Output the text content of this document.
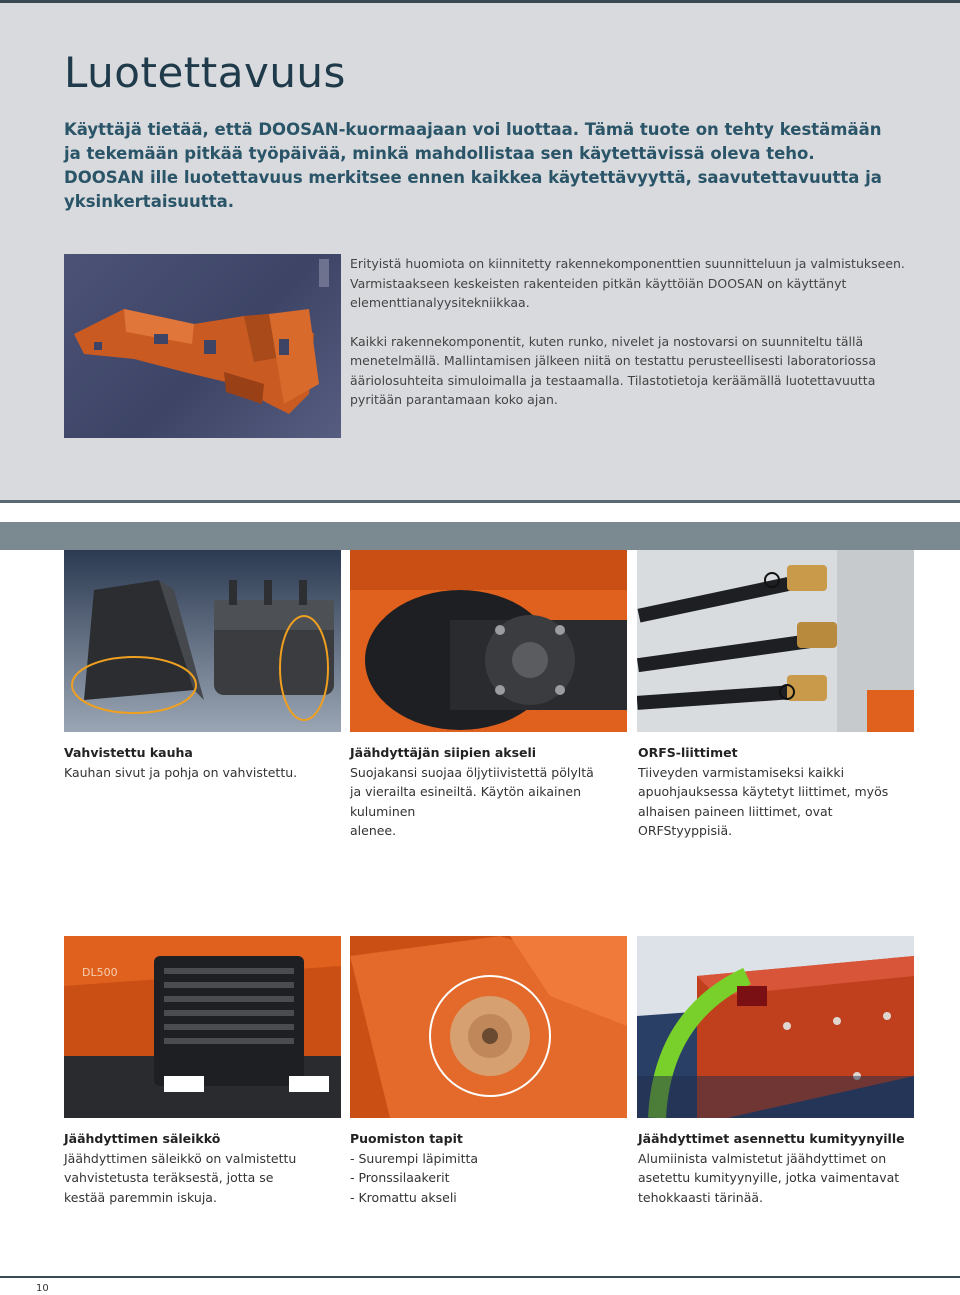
Luotettavuus

Käyttäjä tietää, että DOOSAN-kuormaajaan voi luottaa. Tämä tuote on tehty kestämään ja tekemään pitkää työpäivää, minkä mahdollistaa sen käytettävissä oleva teho. DOOSAN ille luotettavuus merkitsee ennen kaikkea käytettävyyttä, saavutettavuutta ja yksinkertaisuutta.

Erityistä huomiota on kiinnitetty rakennekomponenttien suunnitteluun ja valmistukseen. Varmistaakseen keskeisten rakenteiden pitkän käyttöiän DOOSAN on käyttänyt elementtianalyysitekniikkaa.

Kaikki rakennekomponentit, kuten runko, nivelet ja nostovarsi on suunniteltu tällä menetelmällä. Mallintamisen jälkeen niitä on testattu perusteellisesti laboratoriossa ääriolosuhteita simuloimalla ja testaamalla. Tilastotietoja keräämällä luotettavuutta pyritään parantamaan koko ajan.

Vahvistettu kauha
Kauhan sivut ja pohja on vahvistettu.
Jäähdyttäjän siipien akseli
Suojakansi suojaa öljytiivistettä pölyltä
ja vierailta esineiltä. Käytön aikainen kuluminen
alenee.
ORFS-liittimet
Tiiveyden varmistamiseksi kaikki
apuohjauksessa käytetyt liittimet, myös
alhaisen paineen liittimet, ovat ORFStyyppisiä.
DL500
Jäähdyttimen säleikkö
Jäähdyttimen säleikkö on valmistettu
vahvistetusta teräksestä, jotta se
kestää paremmin iskuja.
Puomiston tapit
- Suurempi läpimitta
- Pronssilaakerit
- Kromattu akseli
Jäähdyttimet asennettu kumityynyille
Alumiinista valmistetut jäähdyttimet on
asetettu kumityynyille, jotka vaimentavat
tehokkaasti tärinää.
10
